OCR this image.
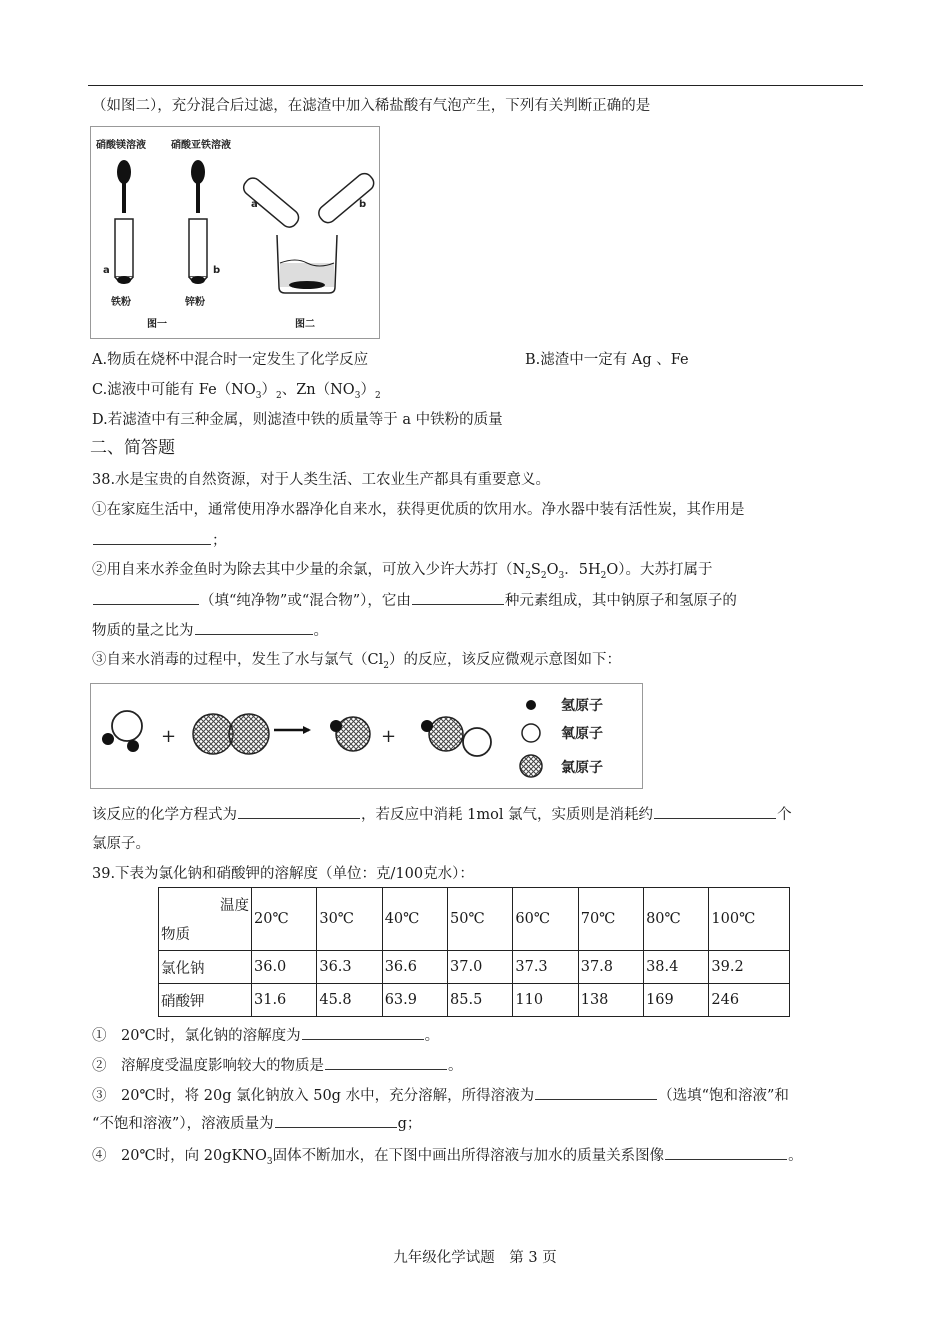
（如图二），充分混合后过滤，在滤渣中加入稀盐酸有气泡产生，下列有关判断正确的是
硝酸镁溶液	硝酸亚铁溶液
a
铁粉
b
锌粉
图一
a	b
图二
A.物质在烧杯中混合时一定发生了化学反应	B.滤渣中一定有 Ag 、Fe
C.滤液中可能有 $Fe(NO_3)_2$、$Zn(NO_3)_2$
D.若滤渣中有三种金属，则滤渣中铁的质量等于 a 中铁粉的质量
二、简答题
38.水是宝贵的自然资源，对于人类生活、工农业生产都具有重要意义。
①在家庭生活中，通常使用净水器净化自来水，获得更优质的饮用水。净水器中装有活性炭，其作用是
；
②用自来水养金鱼时为除去其中少量的余氯，可放入少许大苏打（$N_2S_2O_3$．$5H_2O$）。大苏打属于
（填“纯净物”或“混合物”），它由	种元素组成，其中钠原子和氢原子的
物质的量之比为	。
③自来水消毒的过程中，发生了水与氯气$(Cl_2)$的反应，该反应微观示意图如下：
+	+
氢原子
氧原子
氯原子
该反应的化学方程式为	，若反应中消耗 1mol 氯气，实质则是消耗约	个
氯原子。
39.下表为氯化钠和硝酸钾的溶解度（单位：克/100克水）：
温度
物质	20℃	30℃	40℃	50℃	60℃	70℃	80℃	100℃
氯化钠	36.0	36.3	36.6	37.0	37.3	37.8	38.4	39.2
硝酸钾	31.6	45.8	63.9	85.5	110	138	169	246
①　20℃时，氯化钠的溶解度为	。
②　溶解度受温度影响较大的物质是	。
③　20℃时，将 20g 氯化钠放入 50g 水中，充分溶解，所得溶液为	（选填“饱和溶液”和
“不饱和溶液”），溶液质量为	g；
④　20℃时，向 20gKNO$_3$固体不断加水，在下图中画出所得溶液与加水的质量关系图像	。
九年级化学试题　第 3 页
